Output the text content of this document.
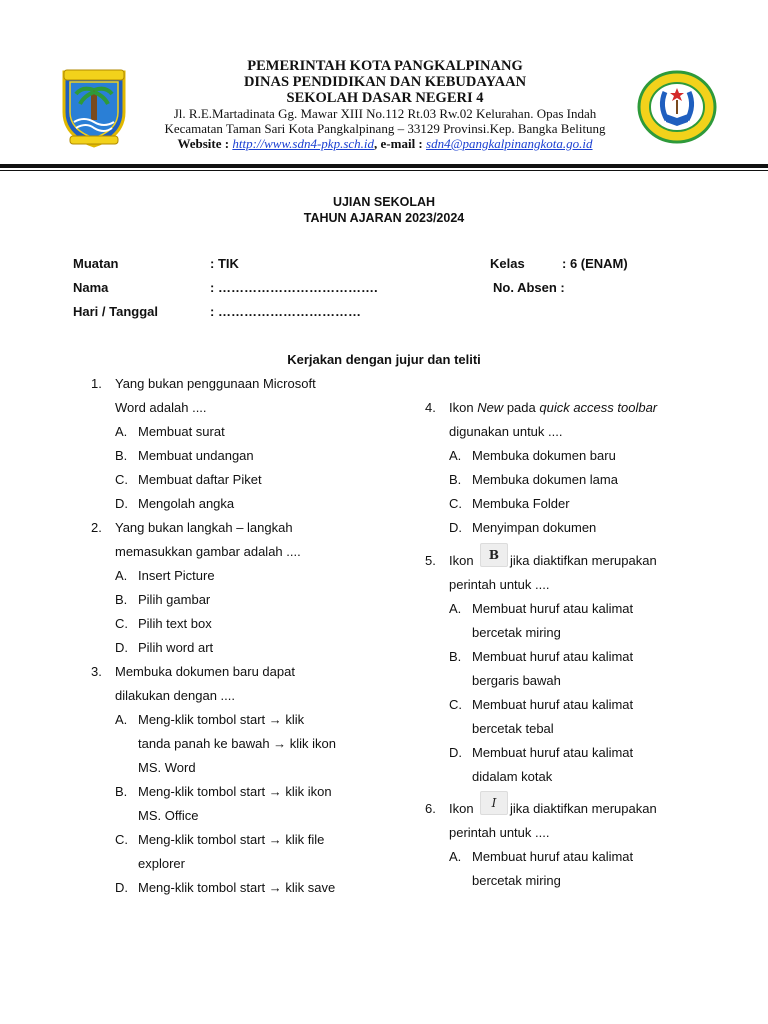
PEMERINTAH KOTA PANGKALPINANG
DINAS PENDIDIKAN DAN KEBUDAYAAN
SEKOLAH DASAR NEGERI 4
Jl. R.E.Martadinata Gg. Mawar XIII No.112 Rt.03 Rw.02 Kelurahan. Opas Indah
Kecamatan Taman Sari Kota Pangkalpinang – 33129 Provinsi.Kep. Bangka Belitung
Website : http://www.sdn4-pkp.sch.id, e-mail : sdn4@pangkalpinangkota.go.id
UJIAN SEKOLAH
TAHUN AJARAN 2023/2024
Muatan	: TIK	Kelas	: 6 (ENAM)
Nama	: ……………………………….	No. Absen :
Hari / Tanggal	: ……………………………
Kerjakan dengan jujur dan teliti
1. Yang bukan penggunaan Microsoft
Word adalah ....
A. Membuat surat
B. Membuat undangan
C. Membuat daftar Piket
D. Mengolah angka
2. Yang bukan langkah – langkah
memasukkan gambar adalah ....
A. Insert Picture
B. Pilih gambar
C. Pilih text box
D. Pilih word art
3. Membuka dokumen baru dapat
dilakukan dengan ....
A. Meng-klik tombol start → klik
tanda panah ke bawah → klik ikon
MS. Word
B. Meng-klik tombol start → klik ikon
MS. Office
C. Meng-klik tombol start → klik file
explorer
D. Meng-klik tombol start → klik save
4. Ikon New pada quick access toolbar
digunakan untuk ....
A. Membuka dokumen baru
B. Membuka dokumen lama
C. Membuka Folder
D. Menyimpan dokumen
5. Ikon	B jika diaktifkan merupakan
perintah untuk ....
A. Membuat huruf atau kalimat
bercetak miring
B. Membuat huruf atau kalimat
bergaris bawah
C. Membuat huruf atau kalimat
bercetak tebal
D. Membuat huruf atau kalimat
didalam kotak
6. Ikon	I	jika diaktifkan merupakan
perintah untuk ....
A. Membuat huruf atau kalimat
bercetak miring
